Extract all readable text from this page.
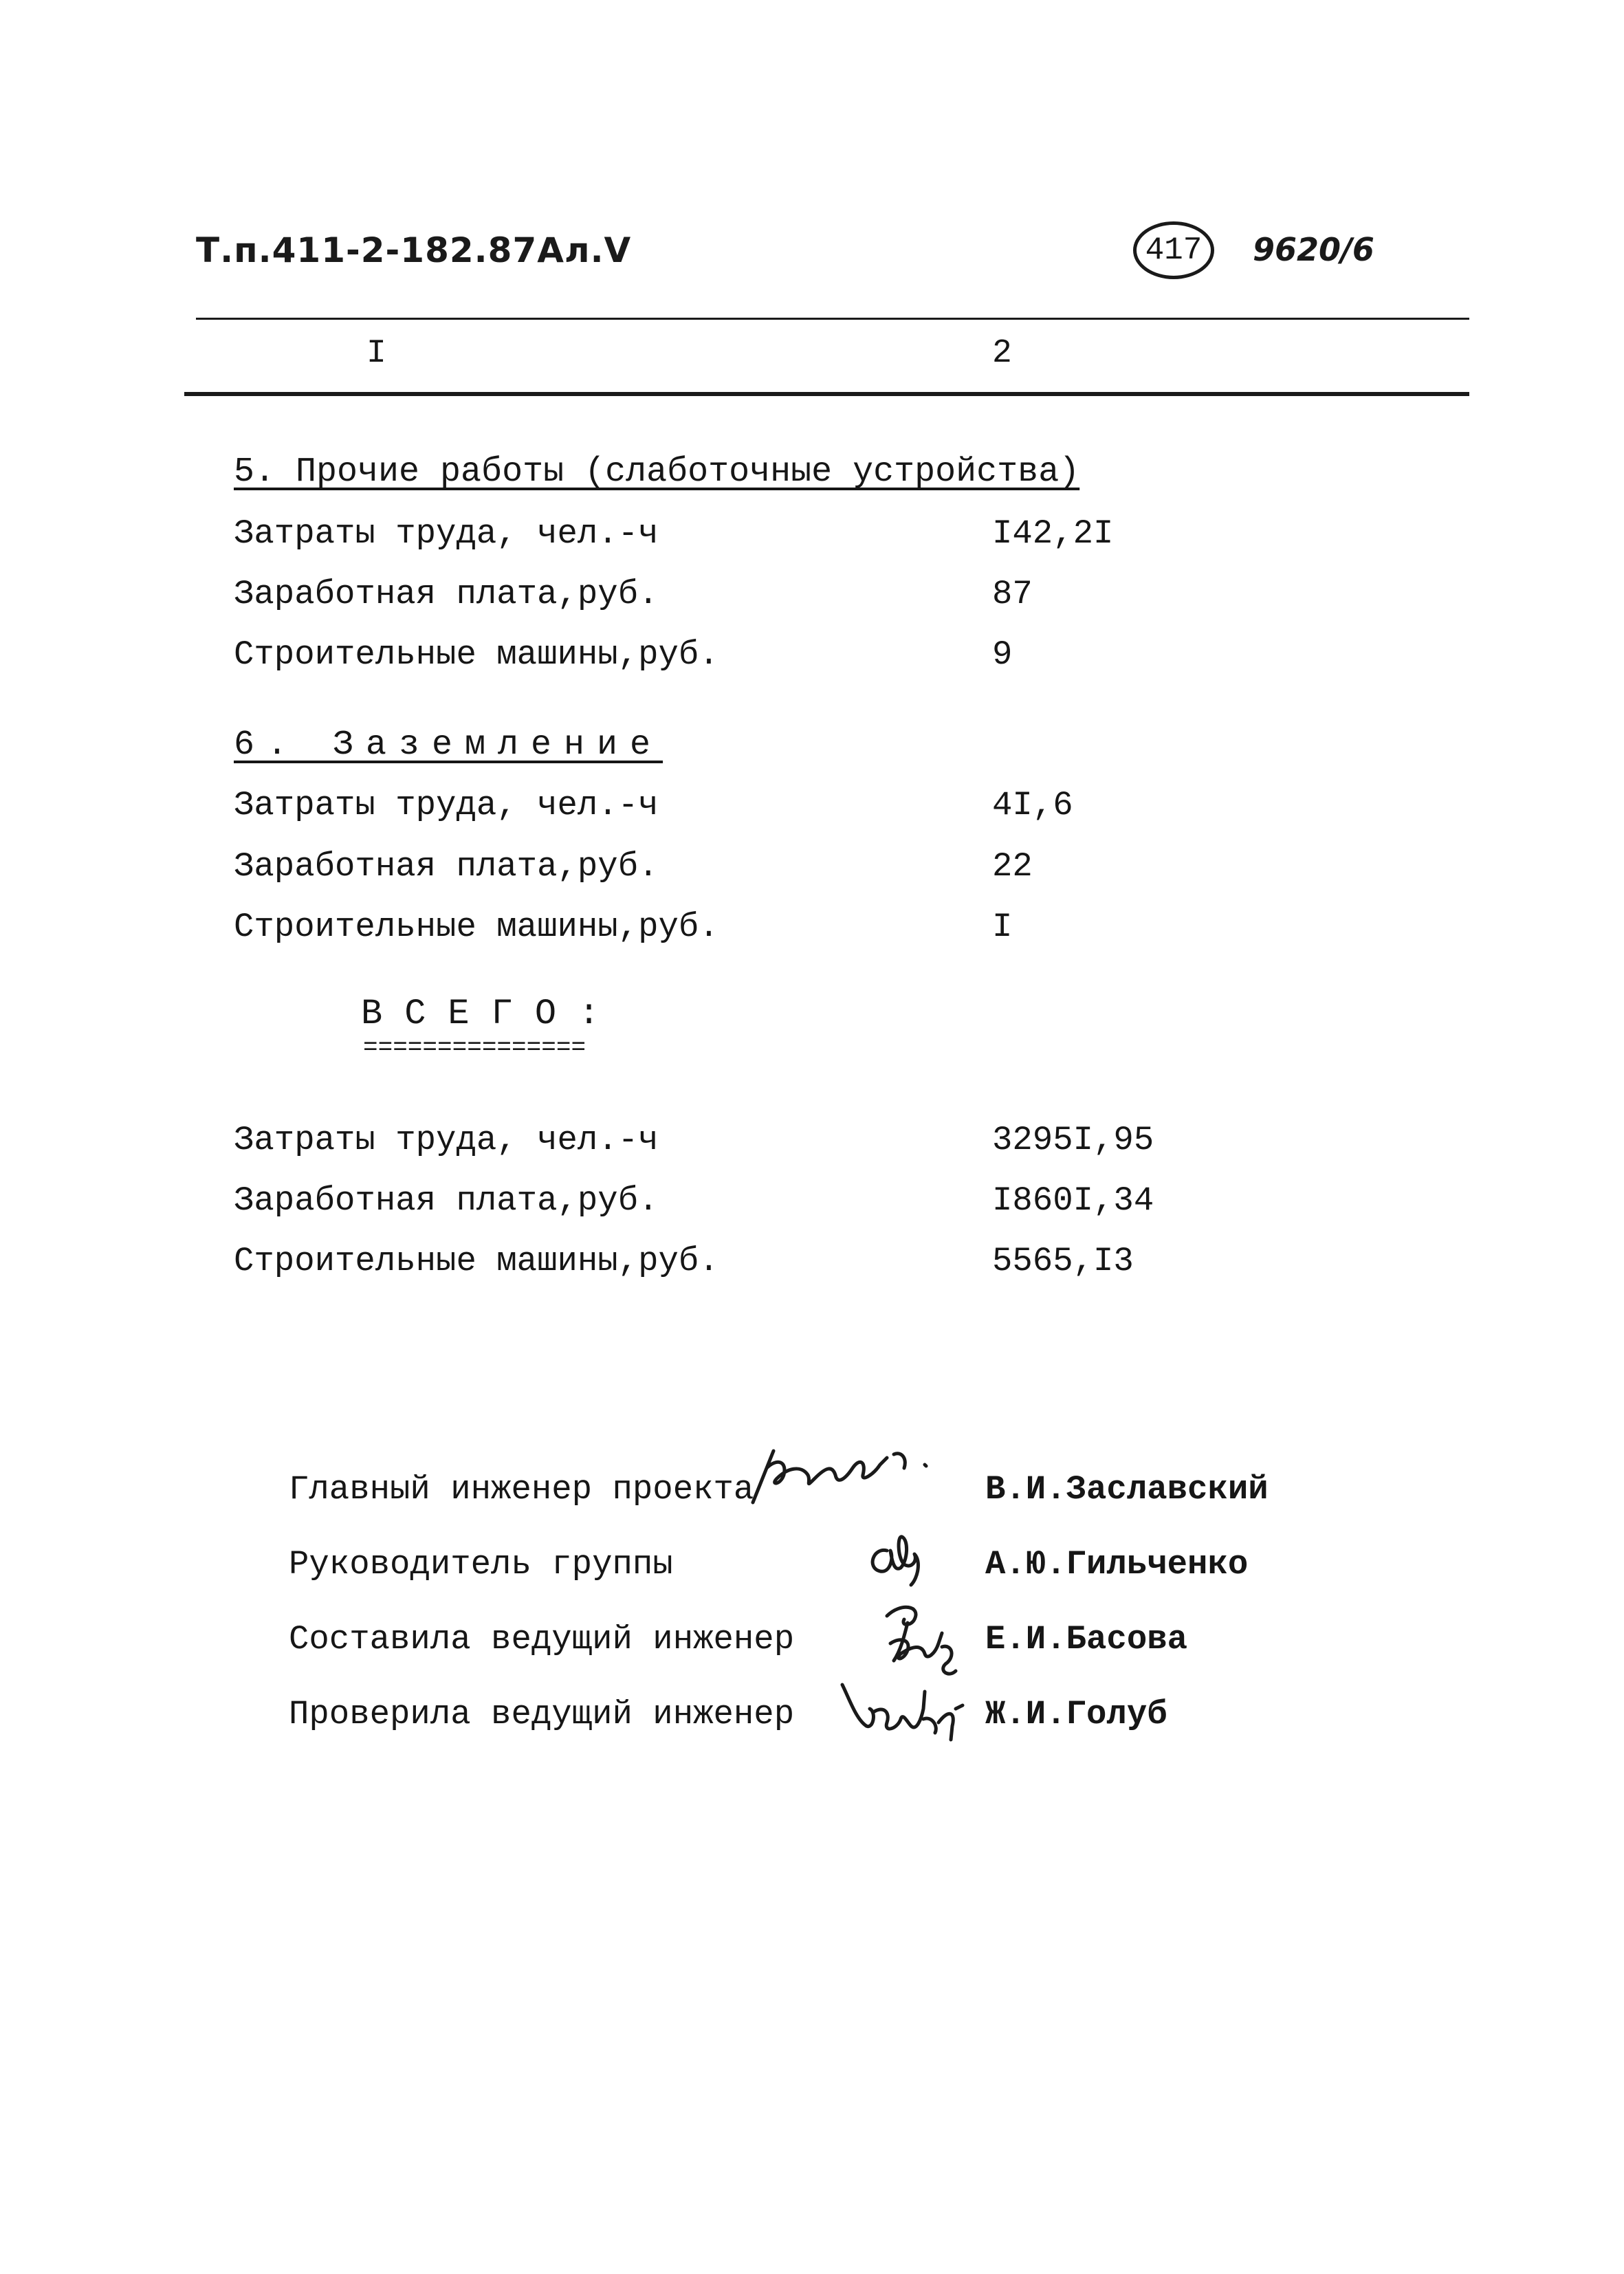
Т.п.411-2-182.87Ал.V	417	9620/6
I	2
5. Прочие работы (слаботочные устройства)
Затраты труда, чел.-ч	I42,2I
Заработная плата,руб.	87
Строительные машины,руб.	9
6. Заземление
Затраты труда, чел.-ч	4I,6
Заработная плата,руб.	22
Строительные машины,руб.	I
ВСЕГО:
===============
Затраты труда, чел.-ч	3295I,95
Заработная плата,руб.	I860I,34
Строительные машины,руб.	5565,I3
Главный инженер проекта	В.И.Заславский
Руководитель группы	А.Ю.Гильченко
Составила ведущий инженер	Е.И.Басова
Проверила ведущий инженер	Ж.И.Голуб
